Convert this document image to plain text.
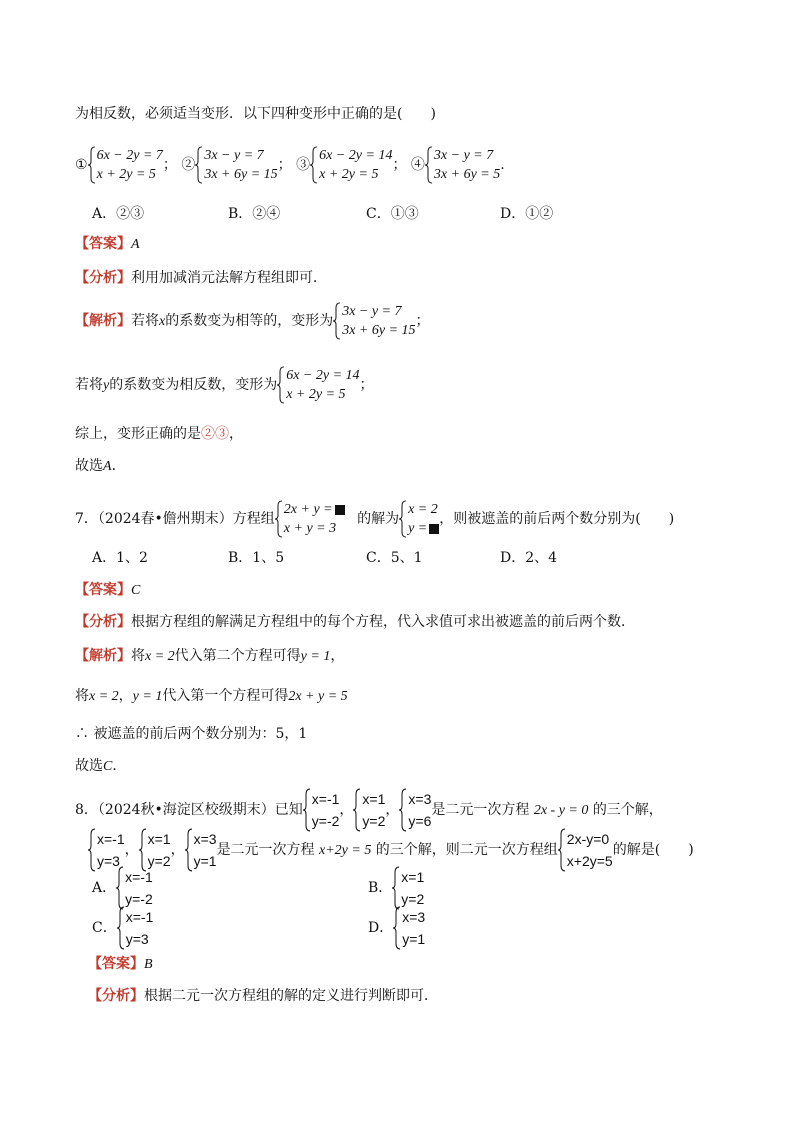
为相反数，必须适当变形．以下四种变形中正确的是(　　)
①
6x − 2y = 7
x + 2y = 5
； ②
3x − y = 7
3x + 6y = 15
； ③
6x − 2y = 14
x + 2y = 5
； ④
3x − y = 7
3x + 6y = 5
.
A．②③	B．②④	C．①③	D．①②
【答案】A
【分析】利用加减消元法解方程组即可．
【解析】若将x的系数变为相等的，变形为
3x − y = 7
3x + 6y = 15
；
若将y的系数变为相反数，变形为
6x − 2y = 14
x + 2y = 5
；
综上，变形正确的是②③，
故选A．
7．（2024春•儋州期末）方程组
2x + y =
x + y = 3
的解为
x = 2
y =
，则被遮盖的前后两个数分别为(　　)
A．1、2	B．1、5	C．5、1	D．2、4
【答案】C
【分析】根据方程组的解满足方程组中的每个方程，代入求值可求出被遮盖的前后两个数．
【解析】将x = 2代入第二个方程可得y = 1，
将x = 2，y = 1代入第一个方程可得2x + y = 5
∴ 被遮盖的前后两个数分别为：5，1
故选C．
8．（2024秋•海淀区校级期末）已知
x=-1
y=-2
，
x=1
y=2
，
x=3
y=6
是二元一次方程 2x - y = 0 的三个解，
x=-1
y=3
，
x=1
y=2
，
x=3
y=1
是二元一次方程 x+2y = 5 的三个解，则二元一次方程组
2x-y=0
x+2y=5
的解是(　　)
A．
x=-1
y=-2
B．
x=1
y=2
C．
x=-1
y=3
D．
x=3
y=1
【答案】B
【分析】根据二元一次方程组的解的定义进行判断即可．
